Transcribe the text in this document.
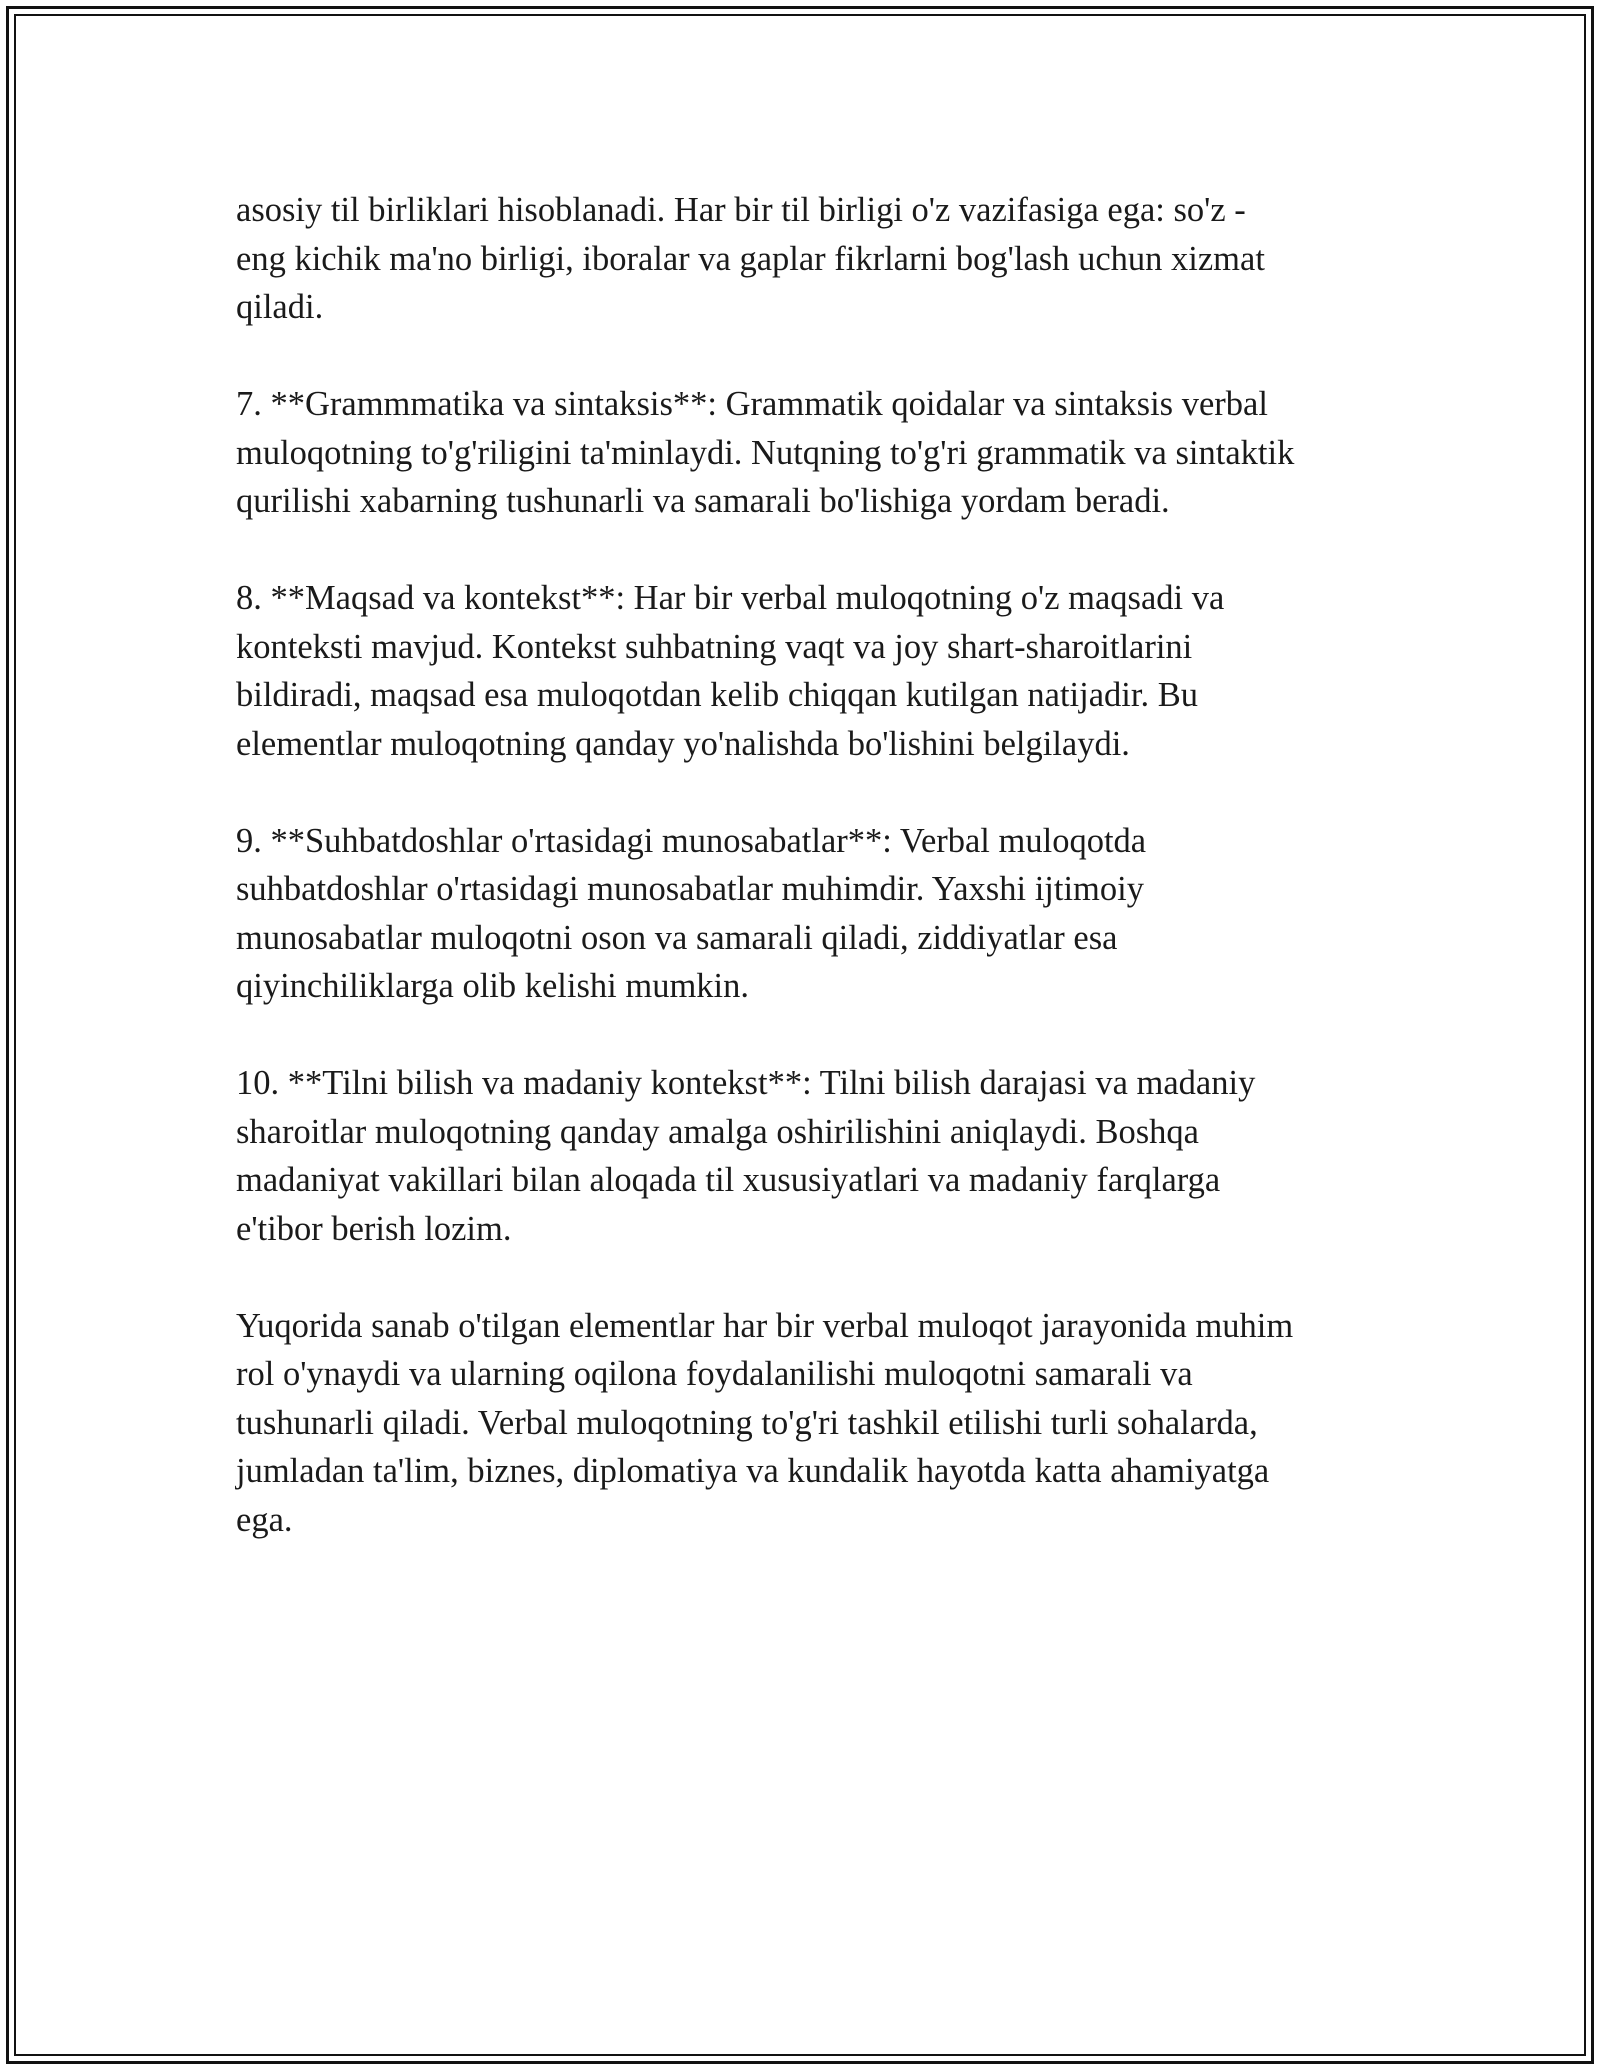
asosiy til birliklari hisoblanadi. Har bir til birligi o'z vazifasiga ega: so'z -
eng kichik ma'no birligi, iboralar va gaplar fikrlarni bog'lash uchun xizmat
qiladi.

7. **Grammmatika va sintaksis**: Grammatik qoidalar va sintaksis verbal
muloqotning to'g'riligini ta'minlaydi. Nutqning to'g'ri grammatik va sintaktik
qurilishi xabarning tushunarli va samarali bo'lishiga yordam beradi.

8. **Maqsad va kontekst**: Har bir verbal muloqotning o'z maqsadi va
konteksti mavjud. Kontekst suhbatning vaqt va joy shart-sharoitlarini
bildiradi, maqsad esa muloqotdan kelib chiqqan kutilgan natijadir. Bu
elementlar muloqotning qanday yo'nalishda bo'lishini belgilaydi.

9. **Suhbatdoshlar o'rtasidagi munosabatlar**: Verbal muloqotda
suhbatdoshlar o'rtasidagi munosabatlar muhimdir. Yaxshi ijtimoiy
munosabatlar muloqotni oson va samarali qiladi, ziddiyatlar esa
qiyinchiliklarga olib kelishi mumkin.

10. **Tilni bilish va madaniy kontekst**: Tilni bilish darajasi va madaniy
sharoitlar muloqotning qanday amalga oshirilishini aniqlaydi. Boshqa
madaniyat vakillari bilan aloqada til xususiyatlari va madaniy farqlarga
e'tibor berish lozim.

Yuqorida sanab o'tilgan elementlar har bir verbal muloqot jarayonida muhim
rol o'ynaydi va ularning oqilona foydalanilishi muloqotni samarali va
tushunarli qiladi. Verbal muloqotning to'g'ri tashkil etilishi turli sohalarda,
jumladan ta'lim, biznes, diplomatiya va kundalik hayotda katta ahamiyatga
ega.
